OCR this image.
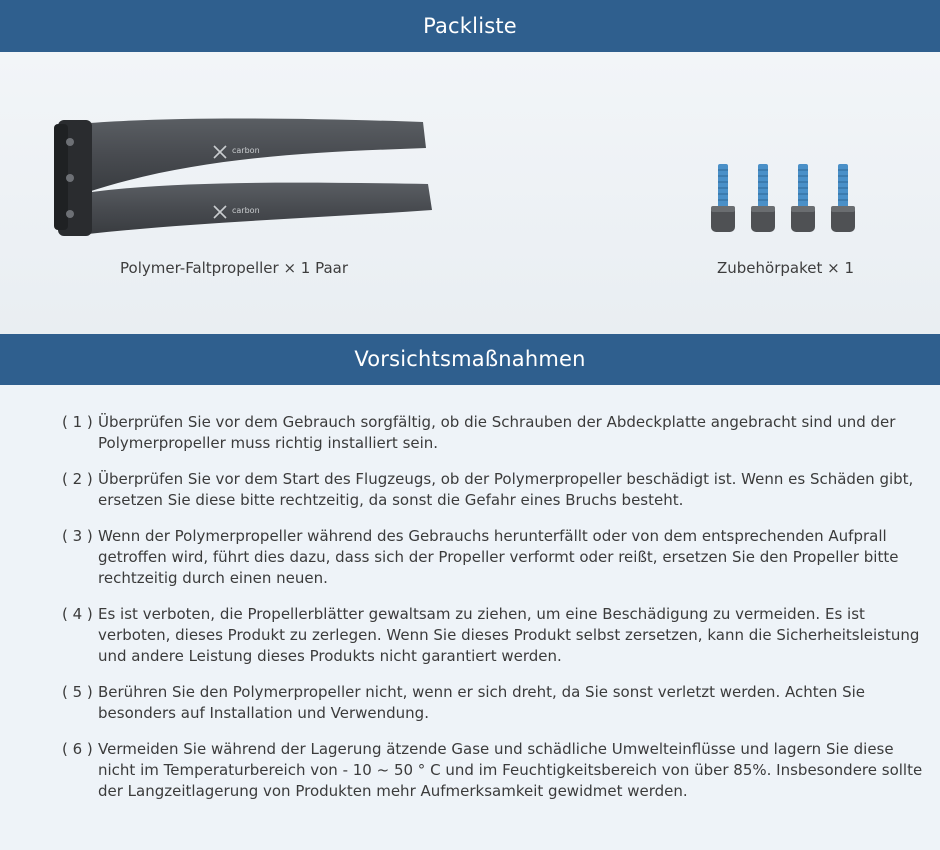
Packliste
carbon
carbon
Polymer-Faltpropeller × 1 Paar	Zubehörpaket × 1
Vorsichtsmaßnahmen
( 1 ) Überprüfen Sie vor dem Gebrauch sorgfältig, ob die Schrauben der Abdeckplatte angebracht sind und der Polymerpropeller muss richtig installiert sein.
( 2 ) Überprüfen Sie vor dem Start des Flugzeugs, ob der Polymerpropeller beschädigt ist. Wenn es Schäden gibt, ersetzen Sie diese bitte rechtzeitig, da sonst die Gefahr eines Bruchs besteht.
( 3 ) Wenn der Polymerpropeller während des Gebrauchs herunterfällt oder von dem entsprechenden Aufprall getroffen wird, führt dies dazu, dass sich der Propeller verformt oder reißt, ersetzen Sie den Propeller bitte rechtzeitig durch einen neuen.
( 4 ) Es ist verboten, die Propellerblätter gewaltsam zu ziehen, um eine Beschädigung zu vermeiden. Es ist verboten, dieses Produkt zu zerlegen. Wenn Sie dieses Produkt selbst zersetzen, kann die Sicherheitsleistung und andere Leistung dieses Produkts nicht garantiert werden.
( 5 ) Berühren Sie den Polymerpropeller nicht, wenn er sich dreht, da Sie sonst verletzt werden. Achten Sie besonders auf Installation und Verwendung.
( 6 ) Vermeiden Sie während der Lagerung ätzende Gase und schädliche Umwelteinflüsse und lagern Sie diese nicht im Temperaturbereich von - 10 ~ 50 ° C und im Feuchtigkeitsbereich von über 85%. Insbesondere sollte der Langzeitlagerung von Produkten mehr Aufmerksamkeit gewidmet werden.
